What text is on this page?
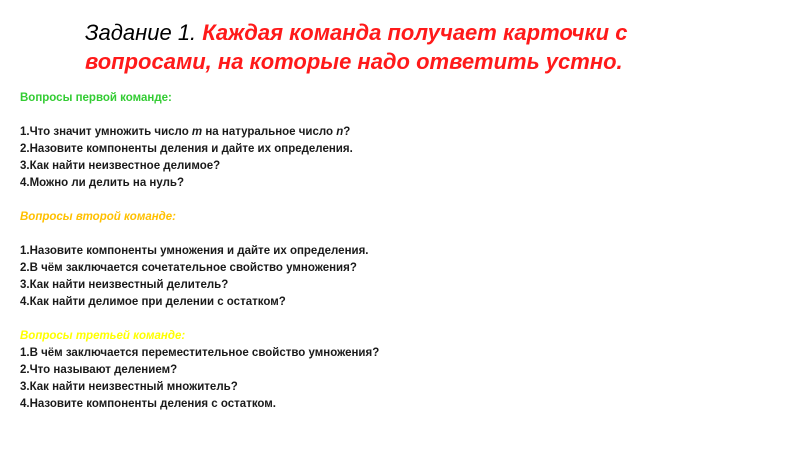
Задание 1. Каждая команда получает карточки с вопросами, на которые надо ответить устно.

Вопросы первой команде:

1.Что значит умножить число m на натуральное число n?
2.Назовите компоненты деления и дайте их определения.
3.Как найти неизвестное делимое?
4.Можно ли делить на нуль?

Вопросы второй команде:

1.Назовите компоненты умножения и дайте их определения.
2.В чём заключается сочетательное свойство умножения?
3.Как найти неизвестный делитель?
4.Как найти делимое при делении с остатком?

Вопросы третьей команде:

1.В чём заключается переместительное свойство умножения?
2.Что называют делением?
3.Как найти неизвестный множитель?
4.Назовите компоненты деления с остатком.
